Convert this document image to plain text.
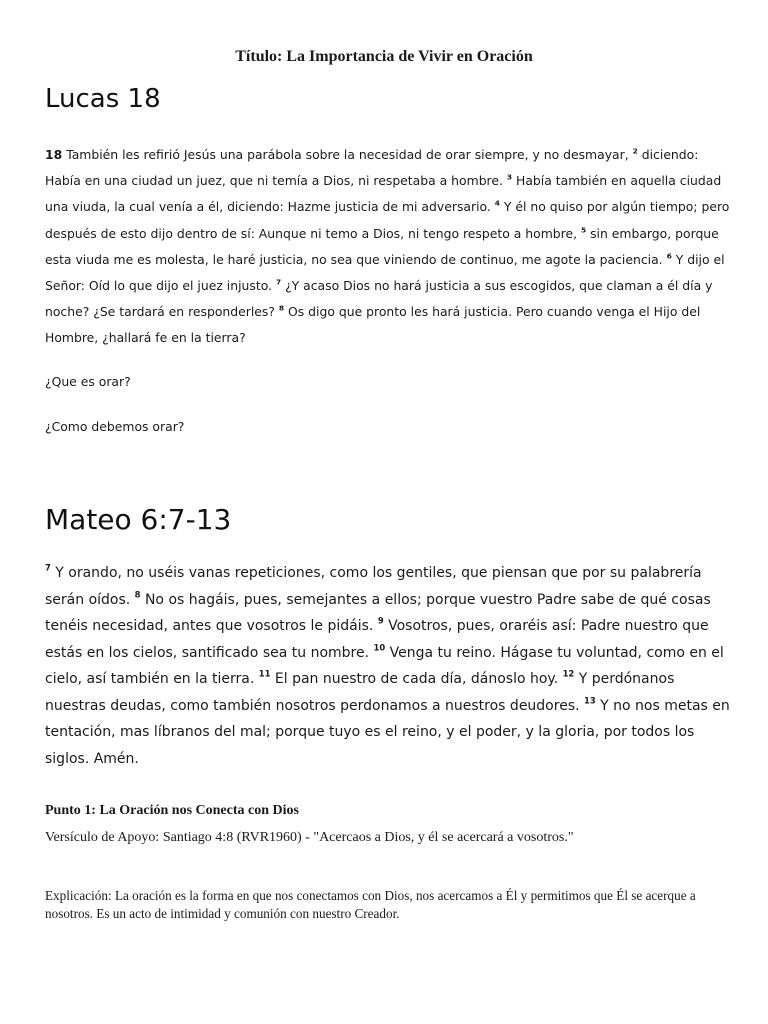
Título: La Importancia de Vivir en Oración
Lucas 18

18 También les refirió Jesús una parábola sobre la necesidad de orar siempre, y no desmayar, $^2$ diciendo: Había en una ciudad un juez, que ni temía a Dios, ni respetaba a hombre. $^3$ Había también en aquella ciudad una viuda, la cual venía a él, diciendo: Hazme justicia de mi adversario. $^4$ Y él no quiso por algún tiempo; pero después de esto dijo dentro de sí: Aunque ni temo a Dios, ni tengo respeto a hombre, $^5$ sin embargo, porque esta viuda me es molesta, le haré justicia, no sea que viniendo de continuo, me agote la paciencia. $^6$ Y dijo el Señor: Oíd lo que dijo el juez injusto. $^7$ ¿Y acaso Dios no hará justicia a sus escogidos, que claman a él día y noche? ¿Se tardará en responderles? $^8$ Os digo que pronto les hará justicia. Pero cuando venga el Hijo del Hombre, ¿hallará fe en la tierra?

¿Que es orar?

¿Como debemos orar?

Mateo 6:7-13

$^7$ Y orando, no uséis vanas repeticiones, como los gentiles, que piensan que por su palabrería serán oídos. $^8$ No os hagáis, pues, semejantes a ellos; porque vuestro Padre sabe de qué cosas tenéis necesidad, antes que vosotros le pidáis. $^9$ Vosotros, pues, oraréis así: Padre nuestro que estás en los cielos, santificado sea tu nombre. $^{10}$ Venga tu reino. Hágase tu voluntad, como en el cielo, así también en la tierra. $^{11}$ El pan nuestro de cada día, dánoslo hoy. $^{12}$ Y perdónanos nuestras deudas, como también nosotros perdonamos a nuestros deudores. $^{13}$ Y no nos metas en tentación, mas líbranos del mal; porque tuyo es el reino, y el poder, y la gloria, por todos los siglos. Amén.

Punto 1: La Oración nos Conecta con Dios

Versículo de Apoyo: Santiago 4:8 (RVR1960) - "Acercaos a Dios, y él se acercará a vosotros."

Explicación: La oración es la forma en que nos conectamos con Dios, nos acercamos a Él y permitimos que Él se acerque a nosotros. Es un acto de intimidad y comunión con nuestro Creador.
